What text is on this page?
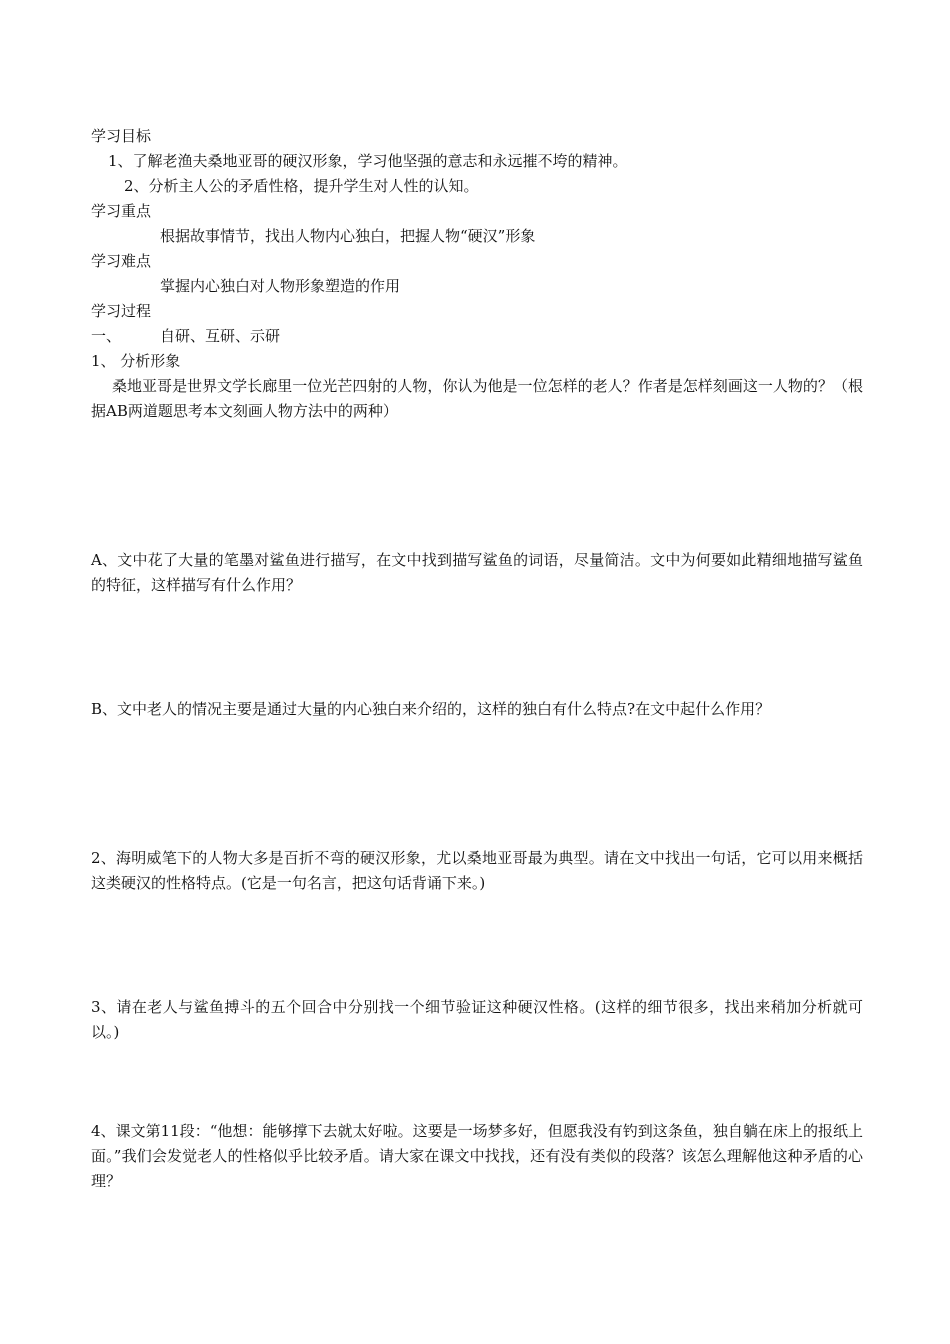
学习目标
1、了解老渔夫桑地亚哥的硬汉形象，学习他坚强的意志和永远摧不垮的精神。
2、分析主人公的矛盾性格，提升学生对人性的认知。
学习重点
根据故事情节，找出人物内心独白，把握人物“硬汉”形象
学习难点
掌握内心独白对人物形象塑造的作用
学习过程
一、	自研、互研、示研
1、 分析形象
桑地亚哥是世界文学长廊里一位光芒四射的人物，你认为他是一位怎样的老人？作者是怎样刻画这一人物的？（根据AB两道题思考本文刻画人物方法中的两种）
A、文中花了大量的笔墨对鲨鱼进行描写，在文中找到描写鲨鱼的词语，尽量简洁。文中为何要如此精细地描写鲨鱼的特征，这样描写有什么作用？
B、文中老人的情况主要是通过大量的内心独白来介绍的，这样的独白有什么特点?在文中起什么作用？
2、海明威笔下的人物大多是百折不弯的硬汉形象，尤以桑地亚哥最为典型。请在文中找出一句话，它可以用来概括这类硬汉的性格特点。(它是一句名言，把这句话背诵下来。)
3、请在老人与鲨鱼搏斗的五个回合中分别找一个细节验证这种硬汉性格。(这样的细节很多，找出来稍加分析就可以。)
4、课文第11段：“他想：能够撑下去就太好啦。这要是一场梦多好，但愿我没有钓到这条鱼，独自躺在床上的报纸上面。”我们会发觉老人的性格似乎比较矛盾。请大家在课文中找找，还有没有类似的段落？该怎么理解他这种矛盾的心理？
